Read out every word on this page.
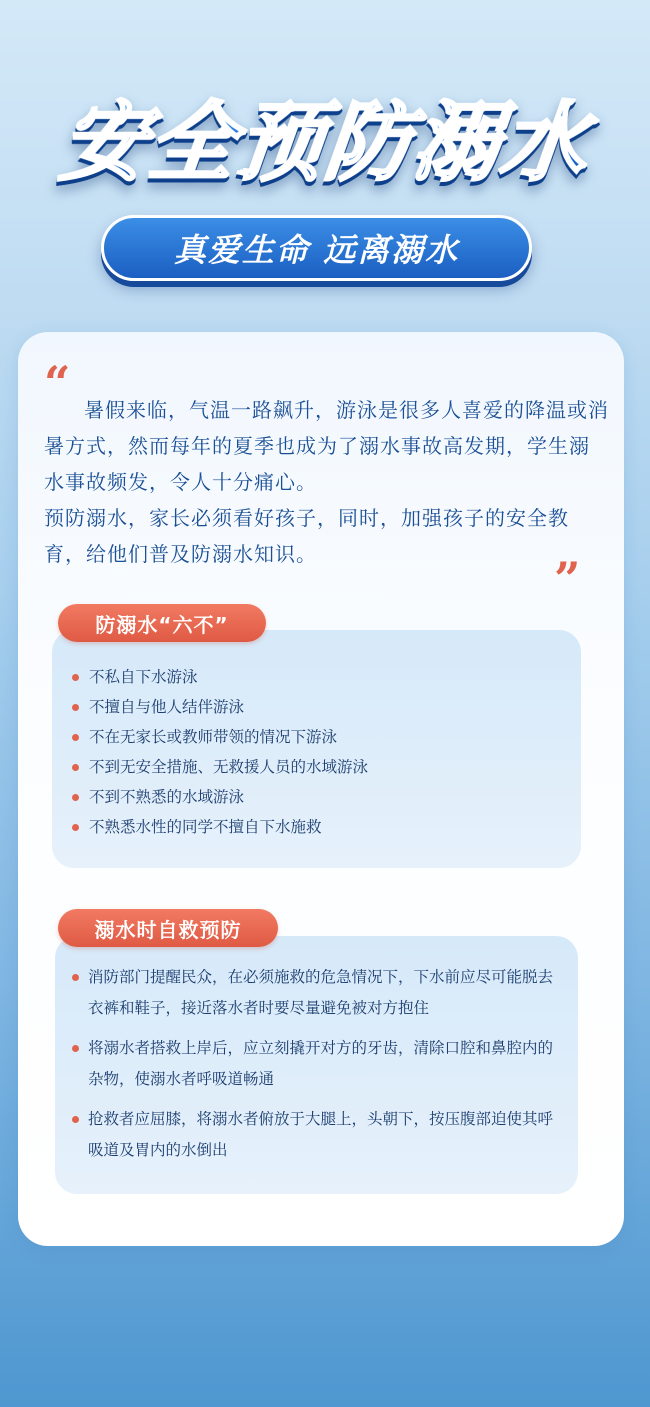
安全预防溺水
真爱生命 远离溺水
“ 暑假来临，气温一路飙升，游泳是很多人喜爱的降温或消暑方式，然而每年的夏季也成为了溺水事故高发期，学生溺水事故频发，令人十分痛心。

预防溺水，家长必须看好孩子，同时，加强孩子的安全教育，给他们普及防溺水知识。	”
防溺水“六不”
不私自下水游泳
不擅自与他人结伴游泳
不在无家长或教师带领的情况下游泳
不到无安全措施、无救援人员的水域游泳
不到不熟悉的水域游泳
不熟悉水性的同学不擅自下水施救
溺水时自救预防
消防部门提醒民众，在必须施救的危急情况下，下水前应尽可能脱去衣裤和鞋子，接近落水者时要尽量避免被对方抱住
将溺水者搭救上岸后，应立刻撬开对方的牙齿，清除口腔和鼻腔内的杂物，使溺水者呼吸道畅通
抢救者应屈膝，将溺水者俯放于大腿上，头朝下，按压腹部迫使其呼吸道及胃内的水倒出
